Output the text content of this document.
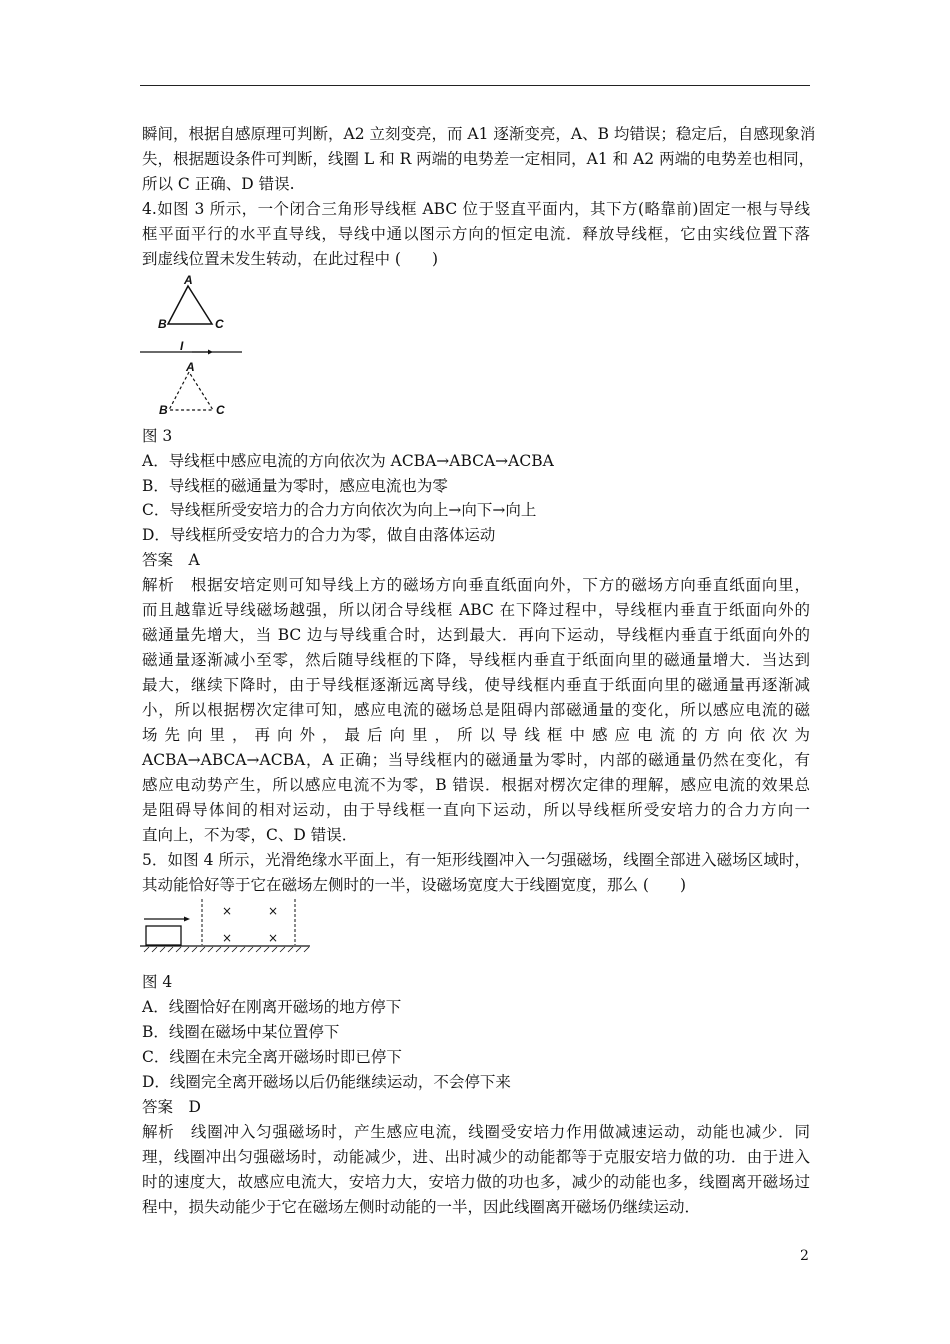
瞬间，根据自感原理可判断，A2 立刻变亮，而 A1 逐渐变亮，A、B 均错误；稳定后，自感现象消
失，根据题设条件可判断，线圈 L 和 R 两端的电势差一定相同，A1 和 A2 两端的电势差也相同，
所以 C 正确、D 错误.
4.如图 3 所示，一个闭合三角形导线框 ABC 位于竖直平面内，其下方(略靠前)固定一根与导线
框平面平行的水平直导线，导线中通以图示方向的恒定电流．释放导线框，它由实线位置下落
到虚线位置未发生转动，在此过程中 (　　)
A
B	C
I
A
B	C
图 3
A．导线框中感应电流的方向依次为 ACBA→ABCA→ACBA
B．导线框的磁通量为零时，感应电流也为零
C．导线框所受安培力的合力方向依次为向上→向下→向上
D．导线框所受安培力的合力为零，做自由落体运动
答案　A
解析　根据安培定则可知导线上方的磁场方向垂直纸面向外，下方的磁场方向垂直纸面向里，
而且越靠近导线磁场越强，所以闭合导线框 ABC 在下降过程中，导线框内垂直于纸面向外的
磁通量先增大，当 BC 边与导线重合时，达到最大．再向下运动，导线框内垂直于纸面向外的
磁通量逐渐减小至零，然后随导线框的下降，导线框内垂直于纸面向里的磁通量增大．当达到
最大，继续下降时，由于导线框逐渐远离导线，使导线框内垂直于纸面向里的磁通量再逐渐减
小，所以根据楞次定律可知，感应电流的磁场总是阻碍内部磁通量的变化，所以感应电流的磁
场先向里，再向外，最后向里，所以导线框中感应电流的方向依次为
ACBA→ABCA→ACBA，A 正确；当导线框内的磁通量为零时，内部的磁通量仍然在变化，有
感应电动势产生，所以感应电流不为零，B 错误．根据对楞次定律的理解，感应电流的效果总
是阻碍导体间的相对运动，由于导线框一直向下运动，所以导线框所受安培力的合力方向一
直向上，不为零，C、D 错误．
5．如图 4 所示，光滑绝缘水平面上，有一矩形线圈冲入一匀强磁场，线圈全部进入磁场区域时，
其动能恰好等于它在磁场左侧时的一半，设磁场宽度大于线圈宽度，那么 (　　)
×	×
×	×
图 4
A．线圈恰好在刚离开磁场的地方停下
B．线圈在磁场中某位置停下
C．线圈在未完全离开磁场时即已停下
D．线圈完全离开磁场以后仍能继续运动，不会停下来
答案　D
解析　线圈冲入匀强磁场时，产生感应电流，线圈受安培力作用做减速运动，动能也减少．同
理，线圈冲出匀强磁场时，动能减少，进、出时减少的动能都等于克服安培力做的功．由于进入
时的速度大，故感应电流大，安培力大，安培力做的功也多，减少的动能也多，线圈离开磁场过
程中，损失动能少于它在磁场左侧时动能的一半，因此线圈离开磁场仍继续运动．
2
